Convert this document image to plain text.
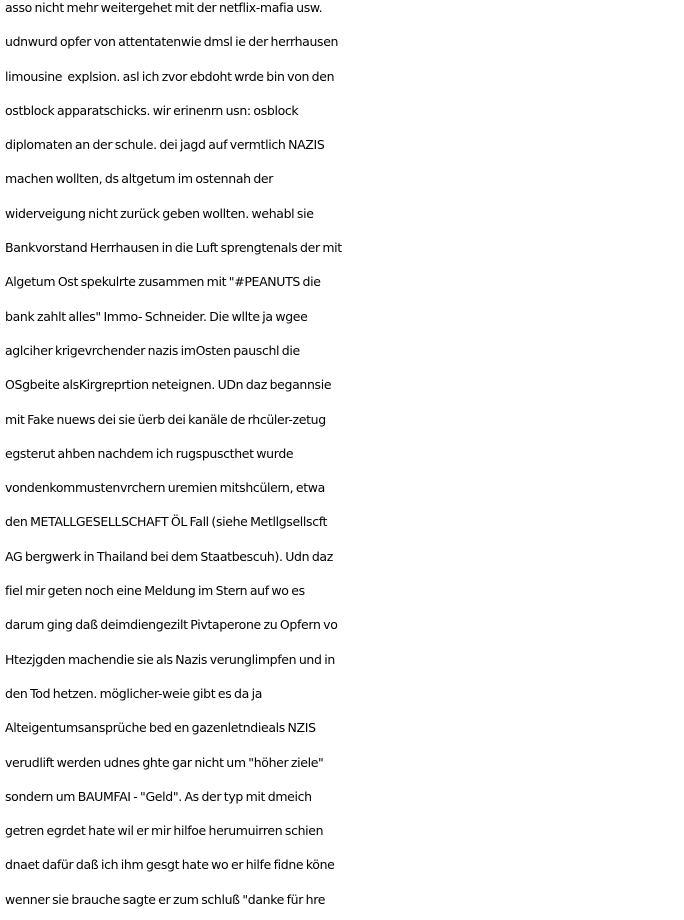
asso nicht mehr weitergehet mit der netflix-mafia usw.
udnwurd opfer von attentatenwie dmsl ie der herrhausen
limousine  explsion. asl ich zvor ebdoht wrde bin von den
ostblock apparatschicks. wir erinenrn usn: osblock
diplomaten an der schule. dei jagd auf vermtlich NAZIS
machen wollten, ds altgetum im ostennah der
widerveigung nicht zurück geben wollten. wehabl sie
Bankvorstand Herrhausen in die Luft sprengtenals der mit
Algetum Ost spekulrte zusammen mit "#PEANUTS die
bank zahlt alles" Immo- Schneider. Die wllte ja wgee
aglciher krigevrchender nazis imOsten pauschl die
OSgbeite alsKirgreprtion neteignen. UDn daz begannsie
mit Fake nuews dei sie üerb dei kanäle de rhcüler-zetug
egsterut ahben nachdem ich rugspuscthet wurde
vondenkommustenvrchern uremien mitshcülern, etwa
den METALLGESELLSCHAFT ÖL Fall (siehe Metllgsellscft
AG bergwerk in Thailand bei dem Staatbescuh). Udn daz
fiel mir geten noch eine Meldung im Stern auf wo es
darum ging daß deimdiengezilt Pivtaperone zu Opfern vo
Htezjgden machendie sie als Nazis verunglimpfen und in
den Tod hetzen. möglicher-weie gibt es da ja
Alteigentumsansprüche bed en gazenletndieals NZIS
verudlift werden udnes ghte gar nicht um "höher ziele"
sondern um BAUMFAI - "Geld". As der typ mit dmeich
getren egrdet hate wil er mir hilfoe herumuirren schien
dnaet dafür daß ich ihm gesgt hate wo er hilfe fidne köne
wenner sie brauche sagte er zum schluß "danke für hre
